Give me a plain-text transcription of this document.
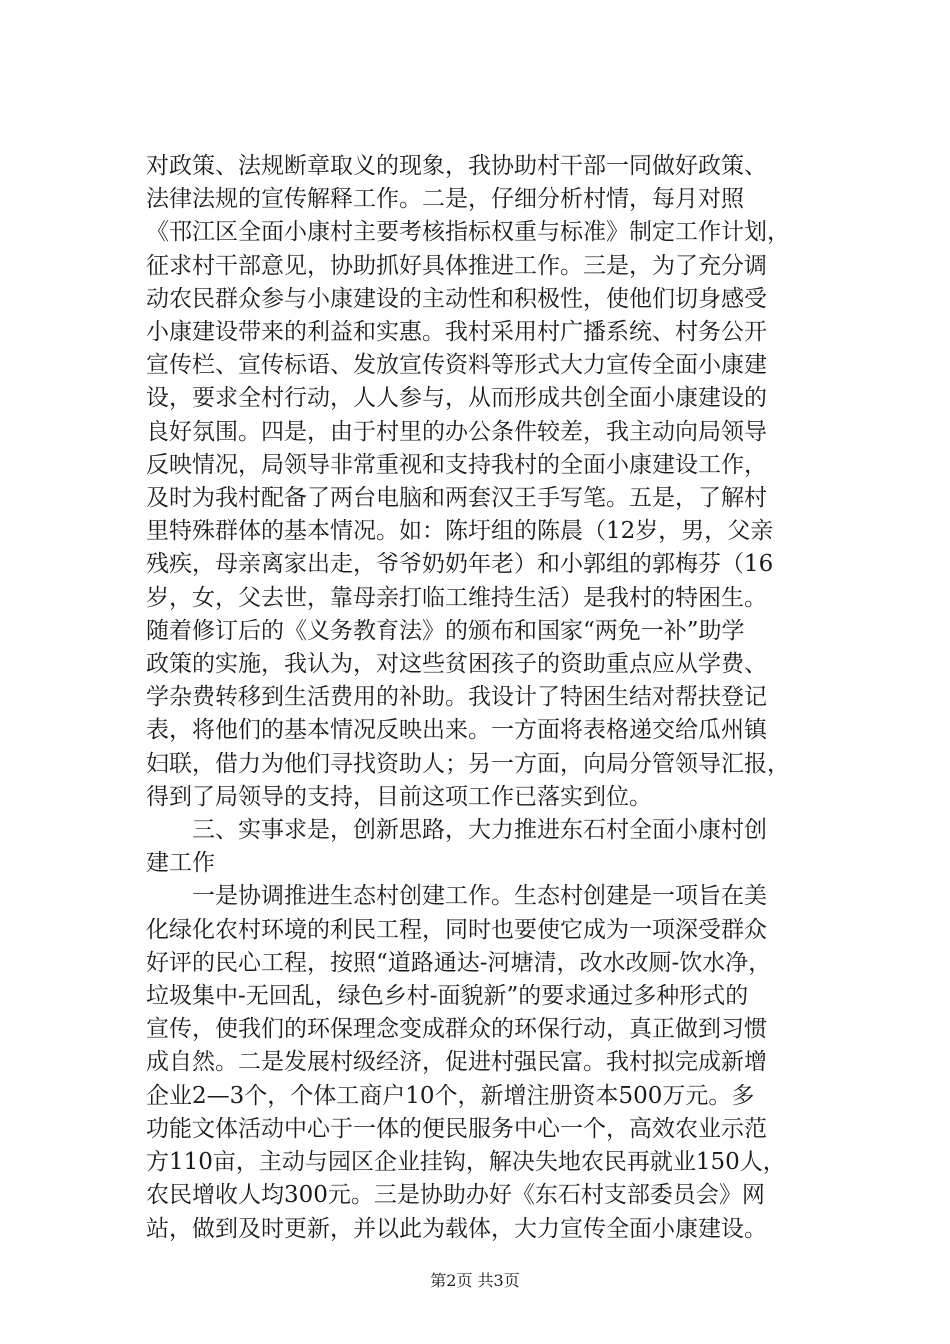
对政策、法规断章取义的现象，我协助村干部一同做好政策、
法律法规的宣传解释工作。二是，仔细分析村情，每月对照
《邗江区全面小康村主要考核指标权重与标准》制定工作计划，
征求村干部意见，协助抓好具体推进工作。三是，为了充分调
动农民群众参与小康建设的主动性和积极性，使他们切身感受
小康建设带来的利益和实惠。我村采用村广播系统、村务公开
宣传栏、宣传标语、发放宣传资料等形式大力宣传全面小康建
设，要求全村行动，人人参与，从而形成共创全面小康建设的
良好氛围。四是，由于村里的办公条件较差，我主动向局领导
反映情况，局领导非常重视和支持我村的全面小康建设工作，
及时为我村配备了两台电脑和两套汉王手写笔。五是，了解村
里特殊群体的基本情况。如：陈圩组的陈晨（12岁，男，父亲
残疾，母亲离家出走，爷爷奶奶年老）和小郭组的郭梅芬（16
岁，女，父去世，靠母亲打临工维持生活）是我村的特困生。
随着修订后的《义务教育法》的颁布和国家“两免一补”助学
政策的实施，我认为，对这些贫困孩子的资助重点应从学费、
学杂费转移到生活费用的补助。我设计了特困生结对帮扶登记
表，将他们的基本情况反映出来。一方面将表格递交给瓜州镇
妇联，借力为他们寻找资助人；另一方面，向局分管领导汇报，
得到了局领导的支持，目前这项工作已落实到位。
三、实事求是，创新思路，大力推进东石村全面小康村创
建工作
一是协调推进生态村创建工作。生态村创建是一项旨在美
化绿化农村环境的利民工程，同时也要使它成为一项深受群众
好评的民心工程，按照“道路通达-河塘清，改水改厕-饮水净，
垃圾集中-无回乱，绿色乡村-面貌新”的要求通过多种形式的
宣传，使我们的环保理念变成群众的环保行动，真正做到习惯
成自然。二是发展村级经济，促进村强民富。我村拟完成新增
企业2—3个，个体工商户10个，新增注册资本500万元。多
功能文体活动中心于一体的便民服务中心一个，高效农业示范
方110亩，主动与园区企业挂钩，解决失地农民再就业150人，
农民增收人均300元。三是协助办好《东石村支部委员会》网
站，做到及时更新，并以此为载体，大力宣传全面小康建设。
第2页 共3页
